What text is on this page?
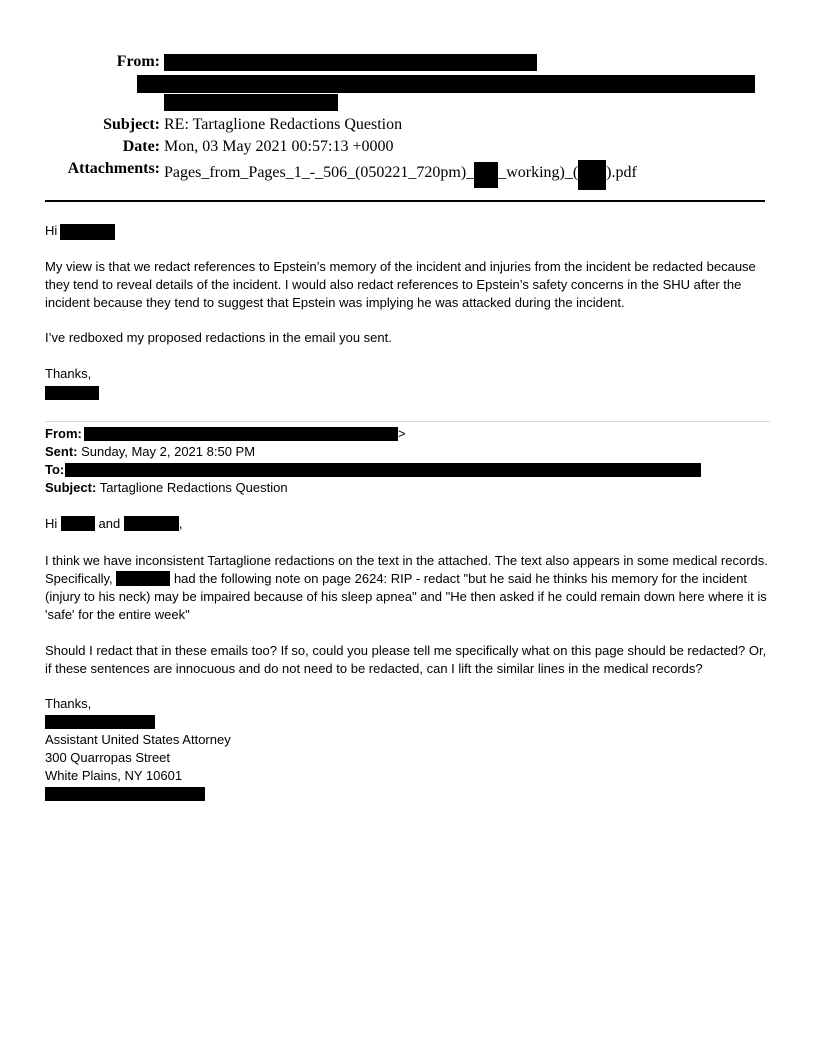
From:
Subject: RE: Tartaglione Redactions Question
Date: Mon, 03 May 2021 00:57:13 +0000
Attachments: Pages_from_Pages_1_-_506_(050221_720pm)_ _working)_( ).pdf
Hi
My view is that we redact references to Epstein’s memory of the incident and injuries from the incident be redacted because they tend to reveal details of the incident. I would also redact references to Epstein’s safety concerns in the SHU after the incident because they tend to suggest that Epstein was implying he was attacked during the incident.
I’ve redboxed my proposed redactions in the email you sent.
Thanks,
From:	>
Sent: Sunday, May 2, 2021 8:50 PM
To:
Subject: Tartaglione Redactions Question
Hi	and	,
I think we have inconsistent Tartaglione redactions on the text in the attached. The text also appears in some medical records. Specifically,	had the following note on page 2624: RIP - redact "but he said he thinks his memory for the incident (injury to his neck) may be impaired because of his sleep apnea" and "He then asked if he could remain down here where it is 'safe' for the entire week"
Should I redact that in these emails too? If so, could you please tell me specifically what on this page should be redacted? Or, if these sentences are innocuous and do not need to be redacted, can I lift the similar lines in the medical records?
Thanks,
Assistant United States Attorney
300 Quarropas Street
White Plains, NY 10601
